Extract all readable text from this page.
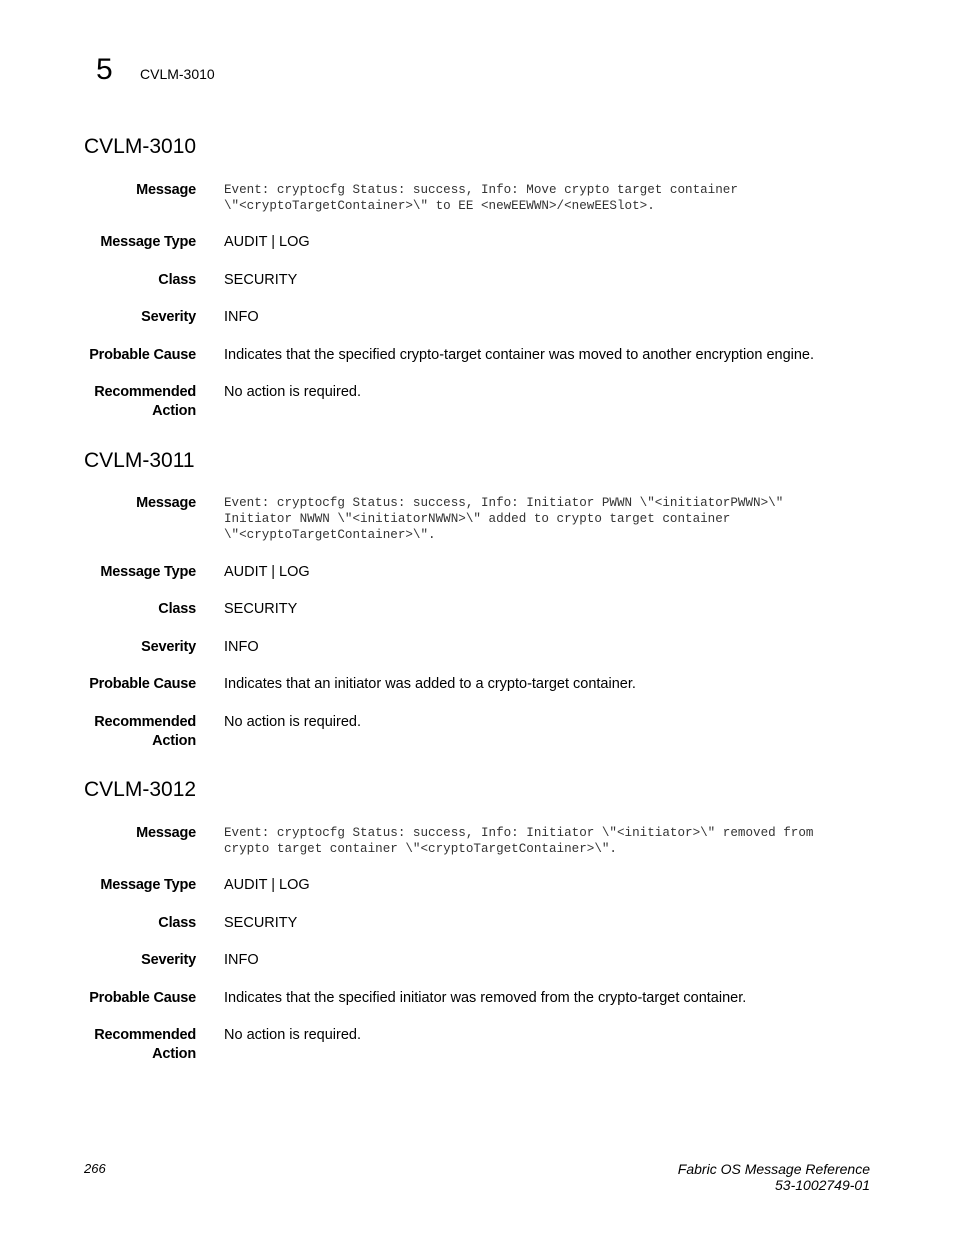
5 CVLM-3010
CVLM-3010
Message Event: cryptocfg Status: success, Info: Move crypto target container
\"<cryptoTargetContainer>\" to EE <newEEWWN>/<newEESlot>.
Message Type AUDIT | LOG
Class SECURITY
Severity INFO
Probable Cause Indicates that the specified crypto-target container was moved to another encryption engine.
Recommended
Action
No action is required.
CVLM-3011
Message Event: cryptocfg Status: success, Info: Initiator PWWN \"<initiatorPWWN>\"
Initiator NWWN \"<initiatorNWWN>\" added to crypto target container
\"<cryptoTargetContainer>\".
Message Type AUDIT | LOG
Class SECURITY
Severity INFO
Probable Cause Indicates that an initiator was added to a crypto-target container.
Recommended
Action
No action is required.
CVLM-3012
Message Event: cryptocfg Status: success, Info: Initiator \"<initiator>\" removed from
crypto target container \"<cryptoTargetContainer>\".
Message Type AUDIT | LOG
Class SECURITY
Severity INFO
Probable Cause Indicates that the specified initiator was removed from the crypto-target container.
Recommended
Action
No action is required.
266	Fabric OS Message Reference
53-1002749-01
